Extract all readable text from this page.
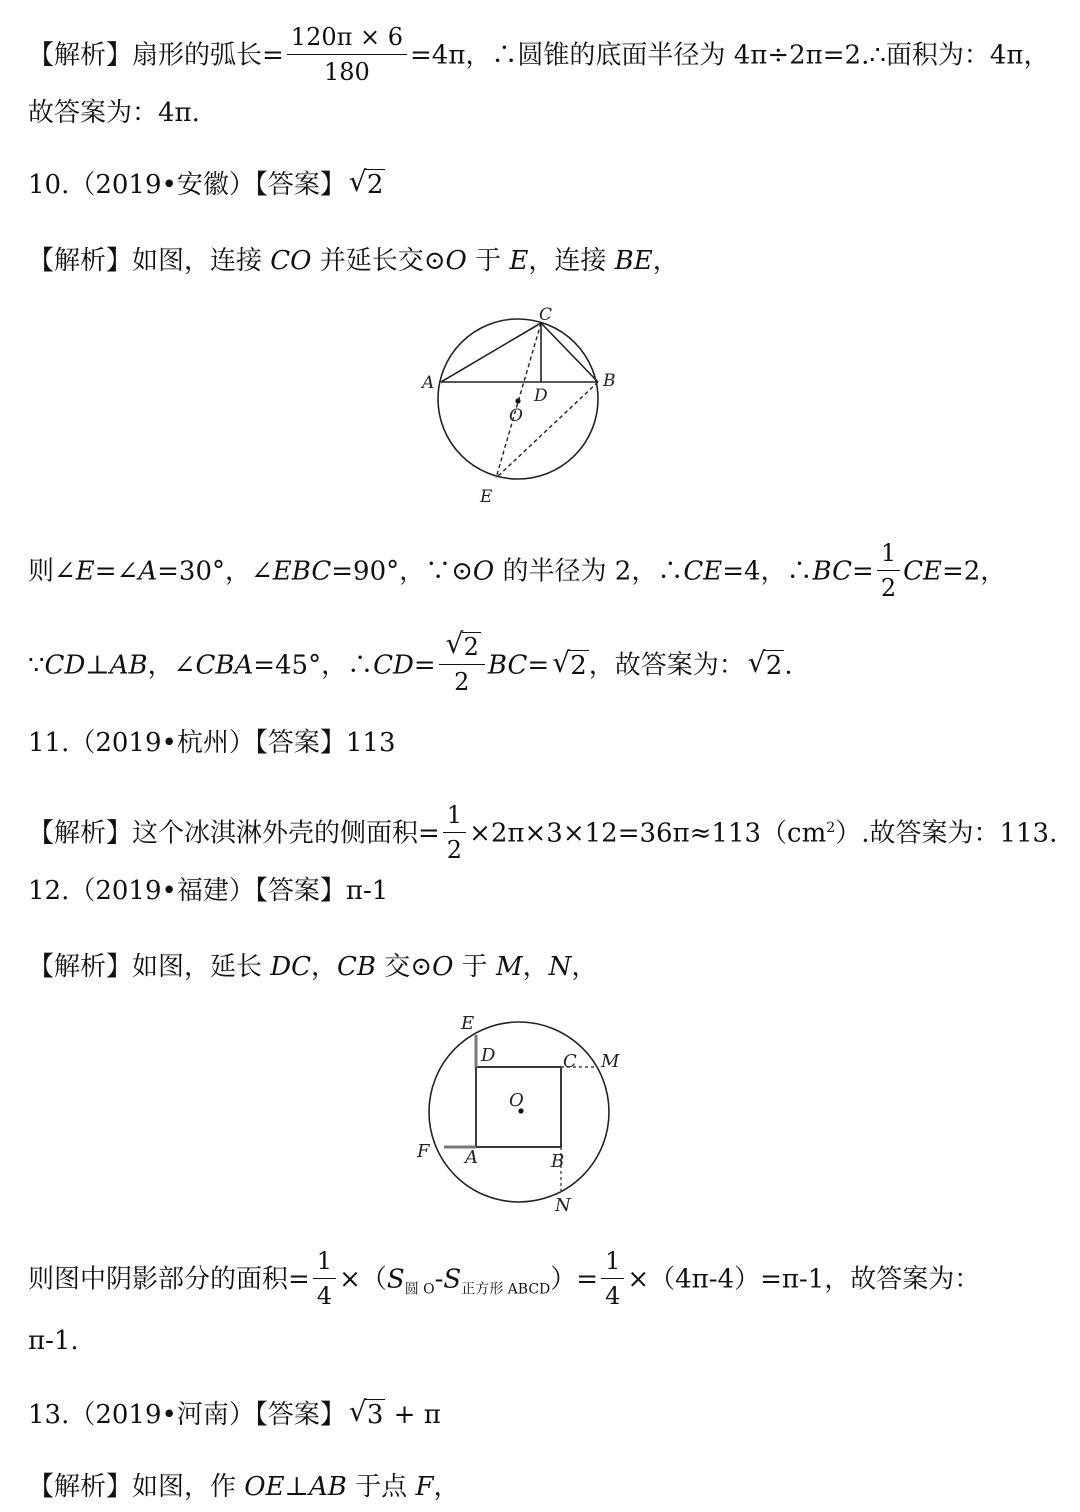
【解析】扇形的弧长= $\frac{120\pi \times 6}{180} =4\pi$，∴圆锥的底面半径为 4π÷2π=2.∴面积为：4π，
故答案为：4π.
10.（2019•安徽）【答案】√ 2
【解析】如图，连接 CO 并延长交⊙O 于 E，连接 BE，
A	B
C
D
O
E
则∠E=∠A=30°，∠EBC=90°，∵⊙O 的半径为 2，∴CE=4，∴BC= $\frac{1}{2} CE=2$，
∵CD⊥AB，∠CBA=45°，∴CD=
√ $\frac{2}{2} BC=√$ 2，故答案为：√ 2.
11.（2019•杭州）【答案】113
【解析】这个冰淇淋外壳的侧面积= $\frac{1}{2} \times 2\pi\times 3\times 12=36\pi\approx 113(cm^2)$.故答案为：113.
12.（2019•福建）【答案】π-1
【解析】如图，延长 DC，CB 交⊙O 于 M，N，
E
D	C M
O
F A	B
N
则图中阴影部分的面积= $\frac{1}{4} \times(S_{圆 O}-S_{正方形 ABCD})= \frac{1}{4} \times(4\pi-4)=\pi-1$，故答案为：
π-1.
13.（2019•河南）【答案】√ 3 + π
【解析】如图，作 OE⊥AB 于点 F，
